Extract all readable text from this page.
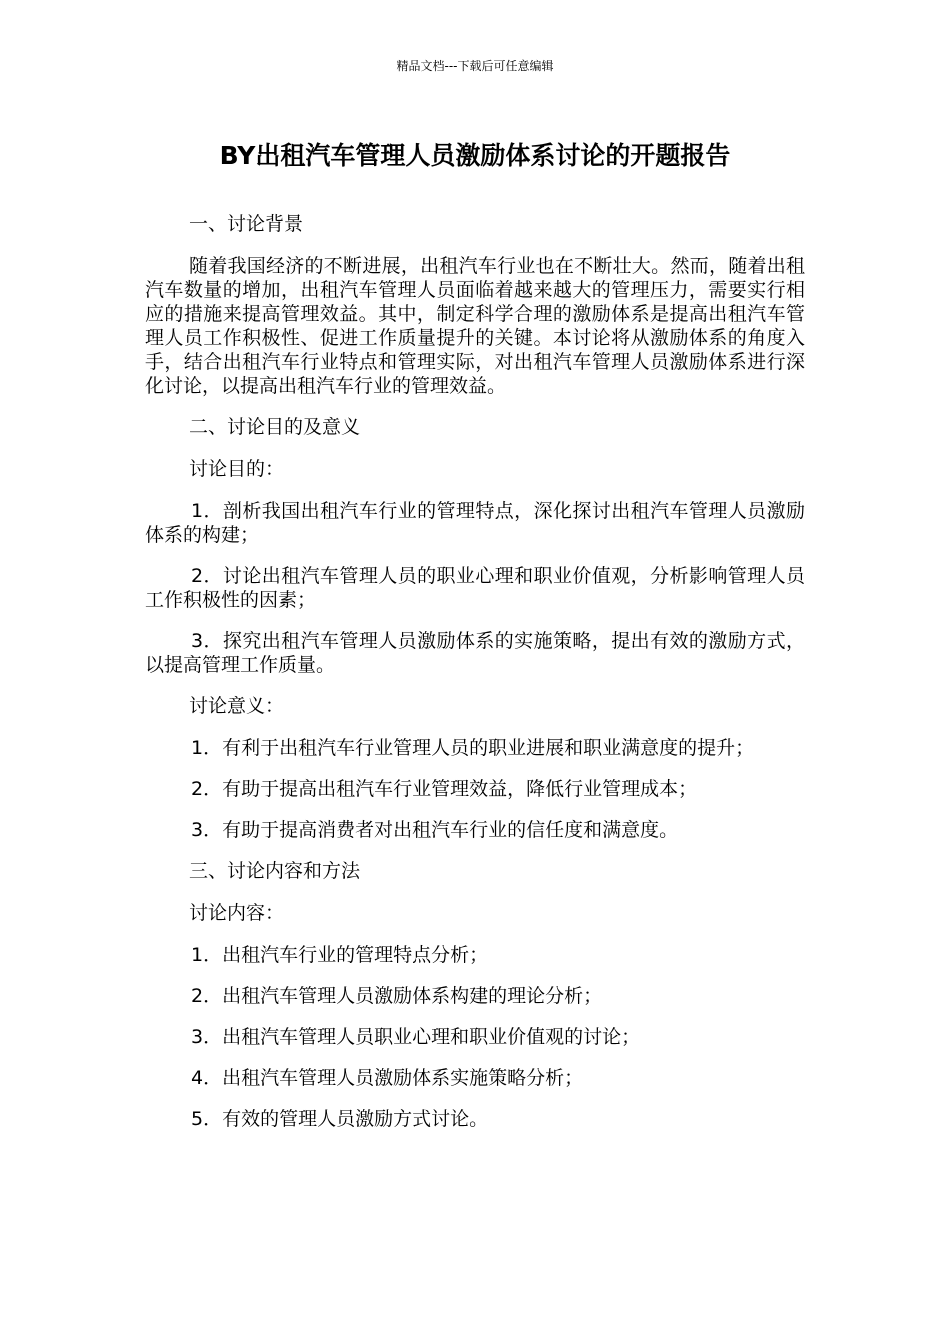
精品文档---下载后可任意编辑
BY出租汽车管理人员激励体系讨论的开题报告

一、讨论背景

随着我国经济的不断进展，出租汽车行业也在不断壮大。然而，随着出租汽车数量的增加，出租汽车管理人员面临着越来越大的管理压力，需要实行相应的措施来提高管理效益。其中，制定科学合理的激励体系是提高出租汽车管理人员工作积极性、促进工作质量提升的关键。本讨论将从激励体系的角度入手，结合出租汽车行业特点和管理实际，对出租汽车管理人员激励体系进行深化讨论，以提高出租汽车行业的管理效益。

二、讨论目的及意义

讨论目的：

1．剖析我国出租汽车行业的管理特点，深化探讨出租汽车管理人员激励体系的构建；

2．讨论出租汽车管理人员的职业心理和职业价值观，分析影响管理人员工作积极性的因素；

3．探究出租汽车管理人员激励体系的实施策略，提出有效的激励方式，以提高管理工作质量。

讨论意义：

1．有利于出租汽车行业管理人员的职业进展和职业满意度的提升；

2．有助于提高出租汽车行业管理效益，降低行业管理成本；

3．有助于提高消费者对出租汽车行业的信任度和满意度。

三、讨论内容和方法

讨论内容：

1．出租汽车行业的管理特点分析；

2．出租汽车管理人员激励体系构建的理论分析；

3．出租汽车管理人员职业心理和职业价值观的讨论；

4．出租汽车管理人员激励体系实施策略分析；

5．有效的管理人员激励方式讨论。
